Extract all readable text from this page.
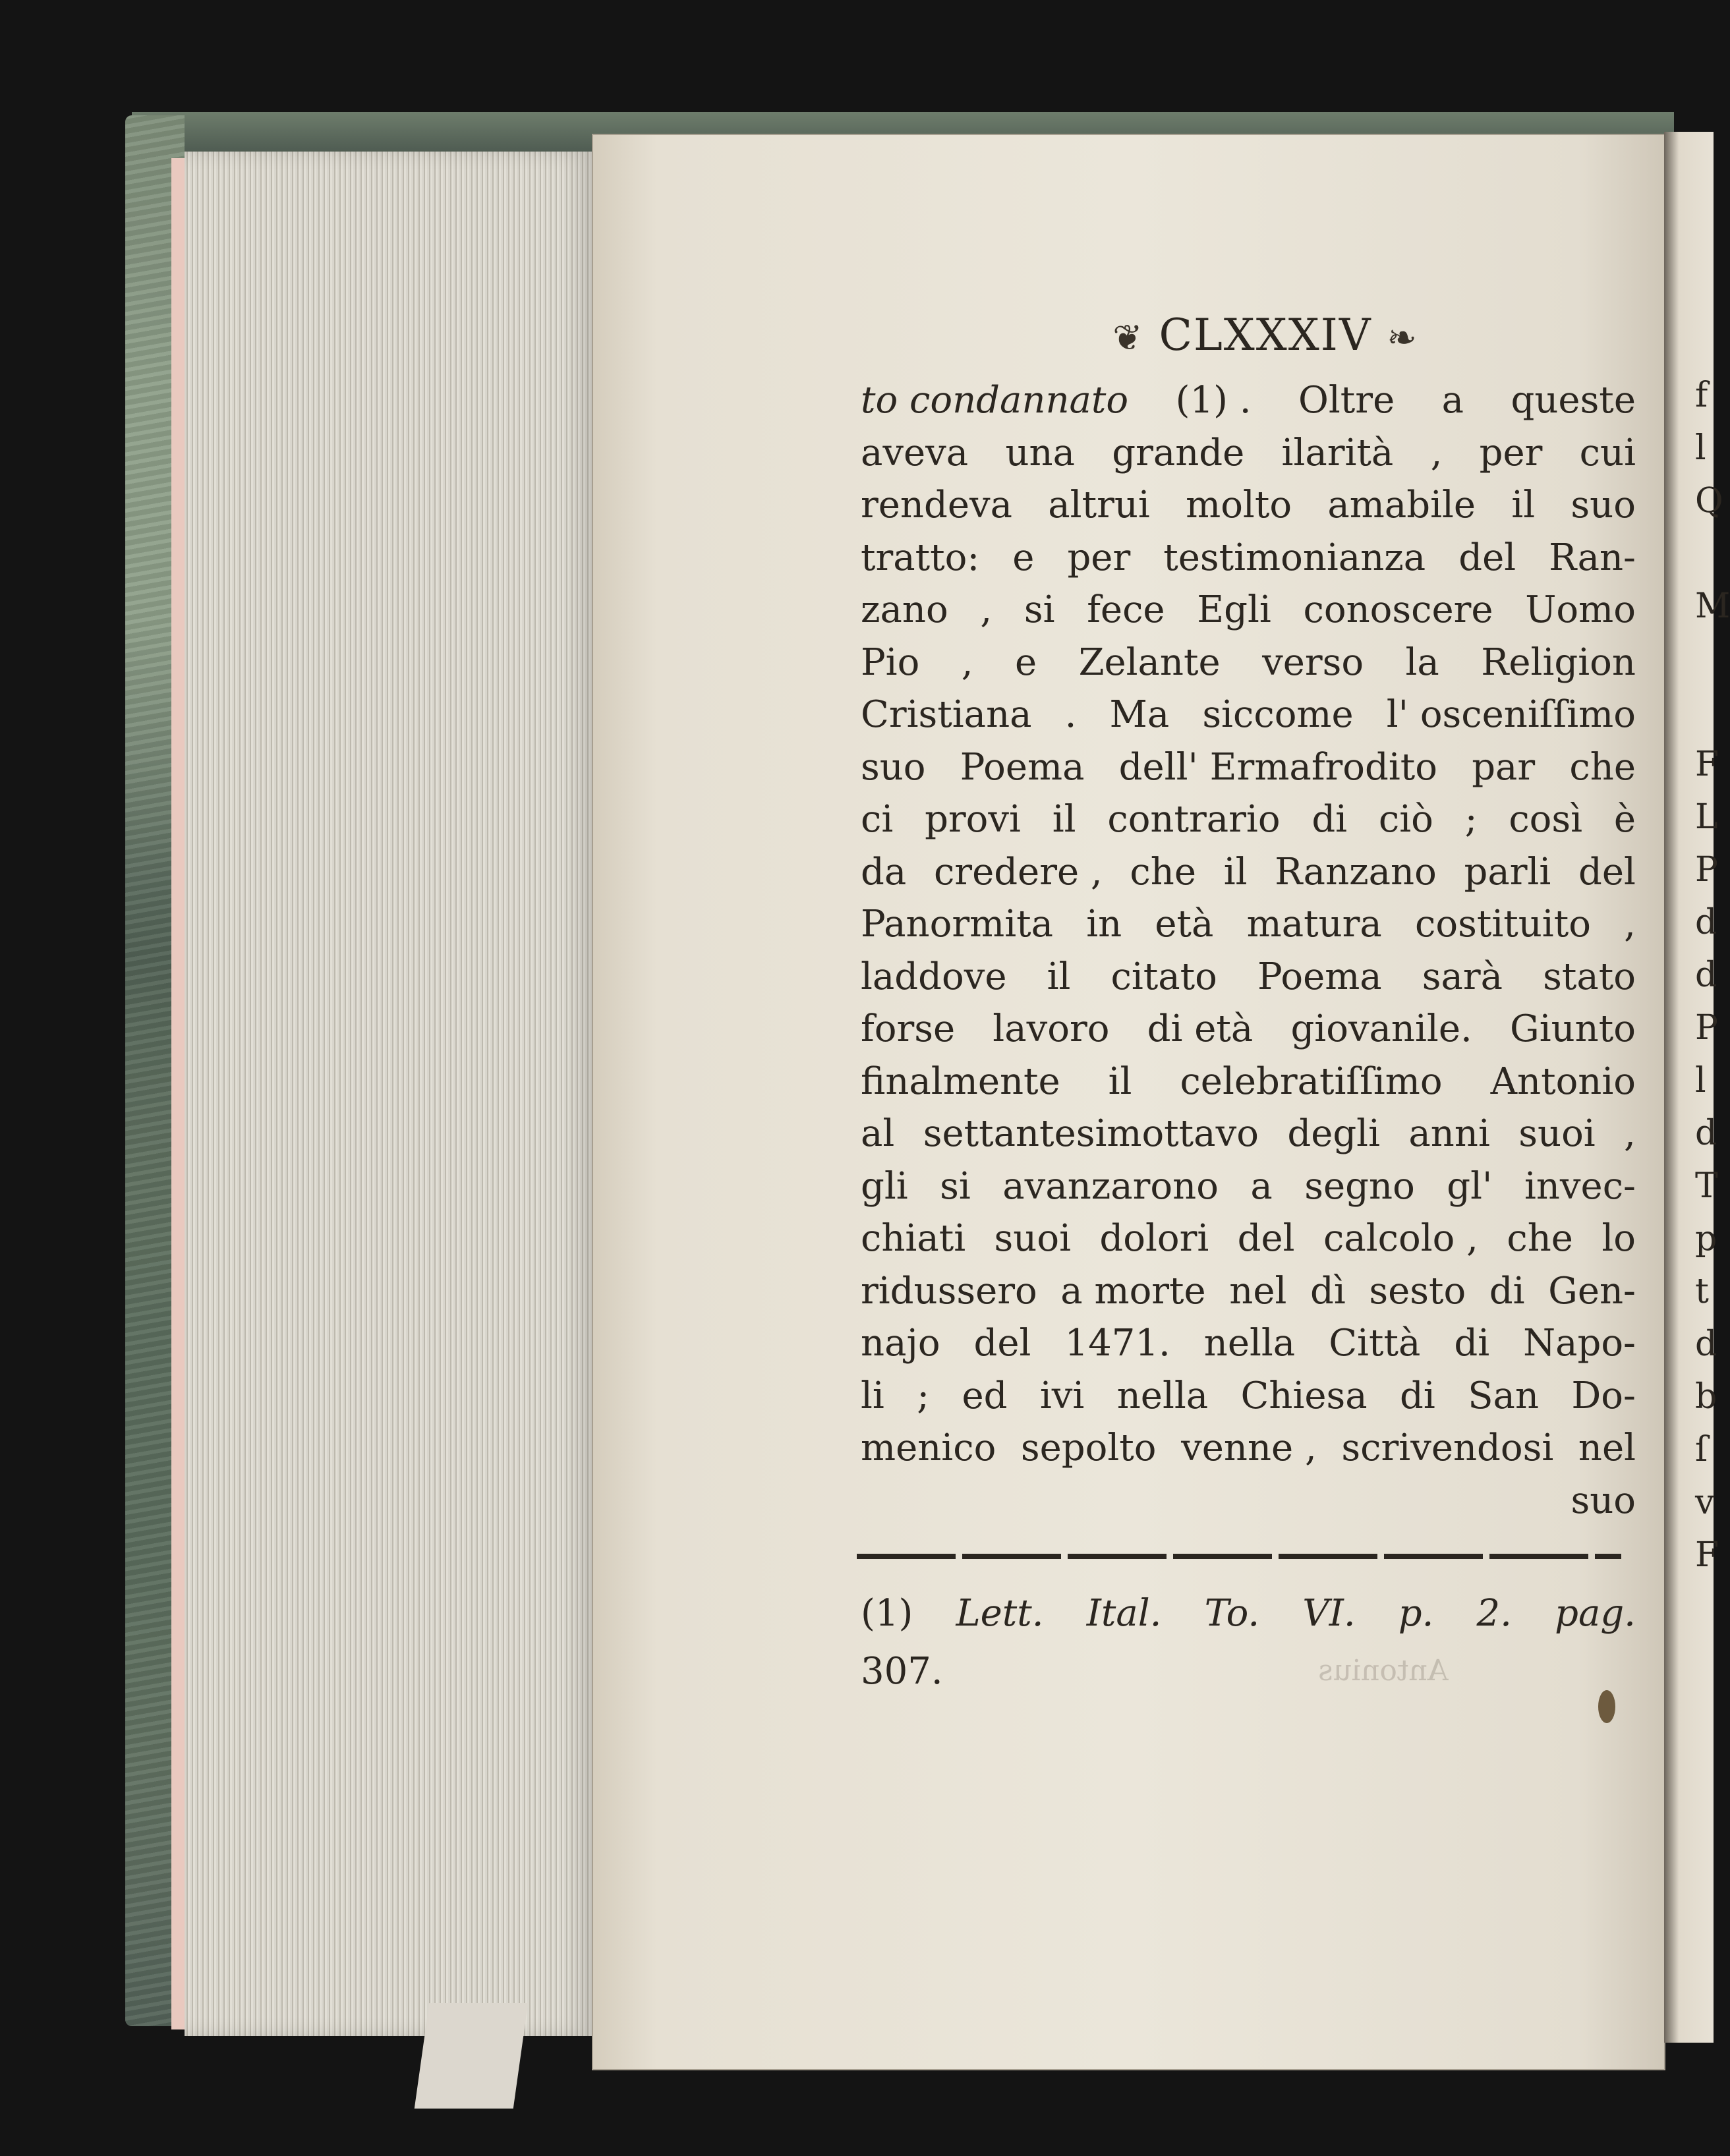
❦ CLXXXIV ❧
to condannato (1) . Oltre a queste
aveva una grande ilarità , per cui
rendeva altrui molto amabile il suo
tratto: e per testimonianza del Ran-
zano , si fece Egli conoscere Uomo
Pio , e Zelante verso la Religion
Cristiana . Ma siccome l' osceniſſimo
suo Poema dell' Ermafrodito par che
ci provi il contrario di ciò ; così è
da credere , che il Ranzano parli del
Panormita in età matura costituito ,
laddove il citato Poema sarà stato
forse lavoro di età giovanile. Giunto
finalmente il celebratiſſimo Antonio
al settantesimottavo degli anni suoi ,
gli si avanzarono a segno gl' invec-
chiati suoi dolori del calcolo , che lo
ridussero a morte nel dì sesto di Gen-
najo del 1471. nella Città di Napo-
li ; ed ivi nella Chiesa di San Do-
menico sepolto venne , scrivendosi nel
suo
(1) Lett. Ital. To. VI. p. 2. pag.
307.	Antonius
f
l
Q

M

F
L
P
d
d
P
l
d
T
p
t
d
b
ſ
v
F
